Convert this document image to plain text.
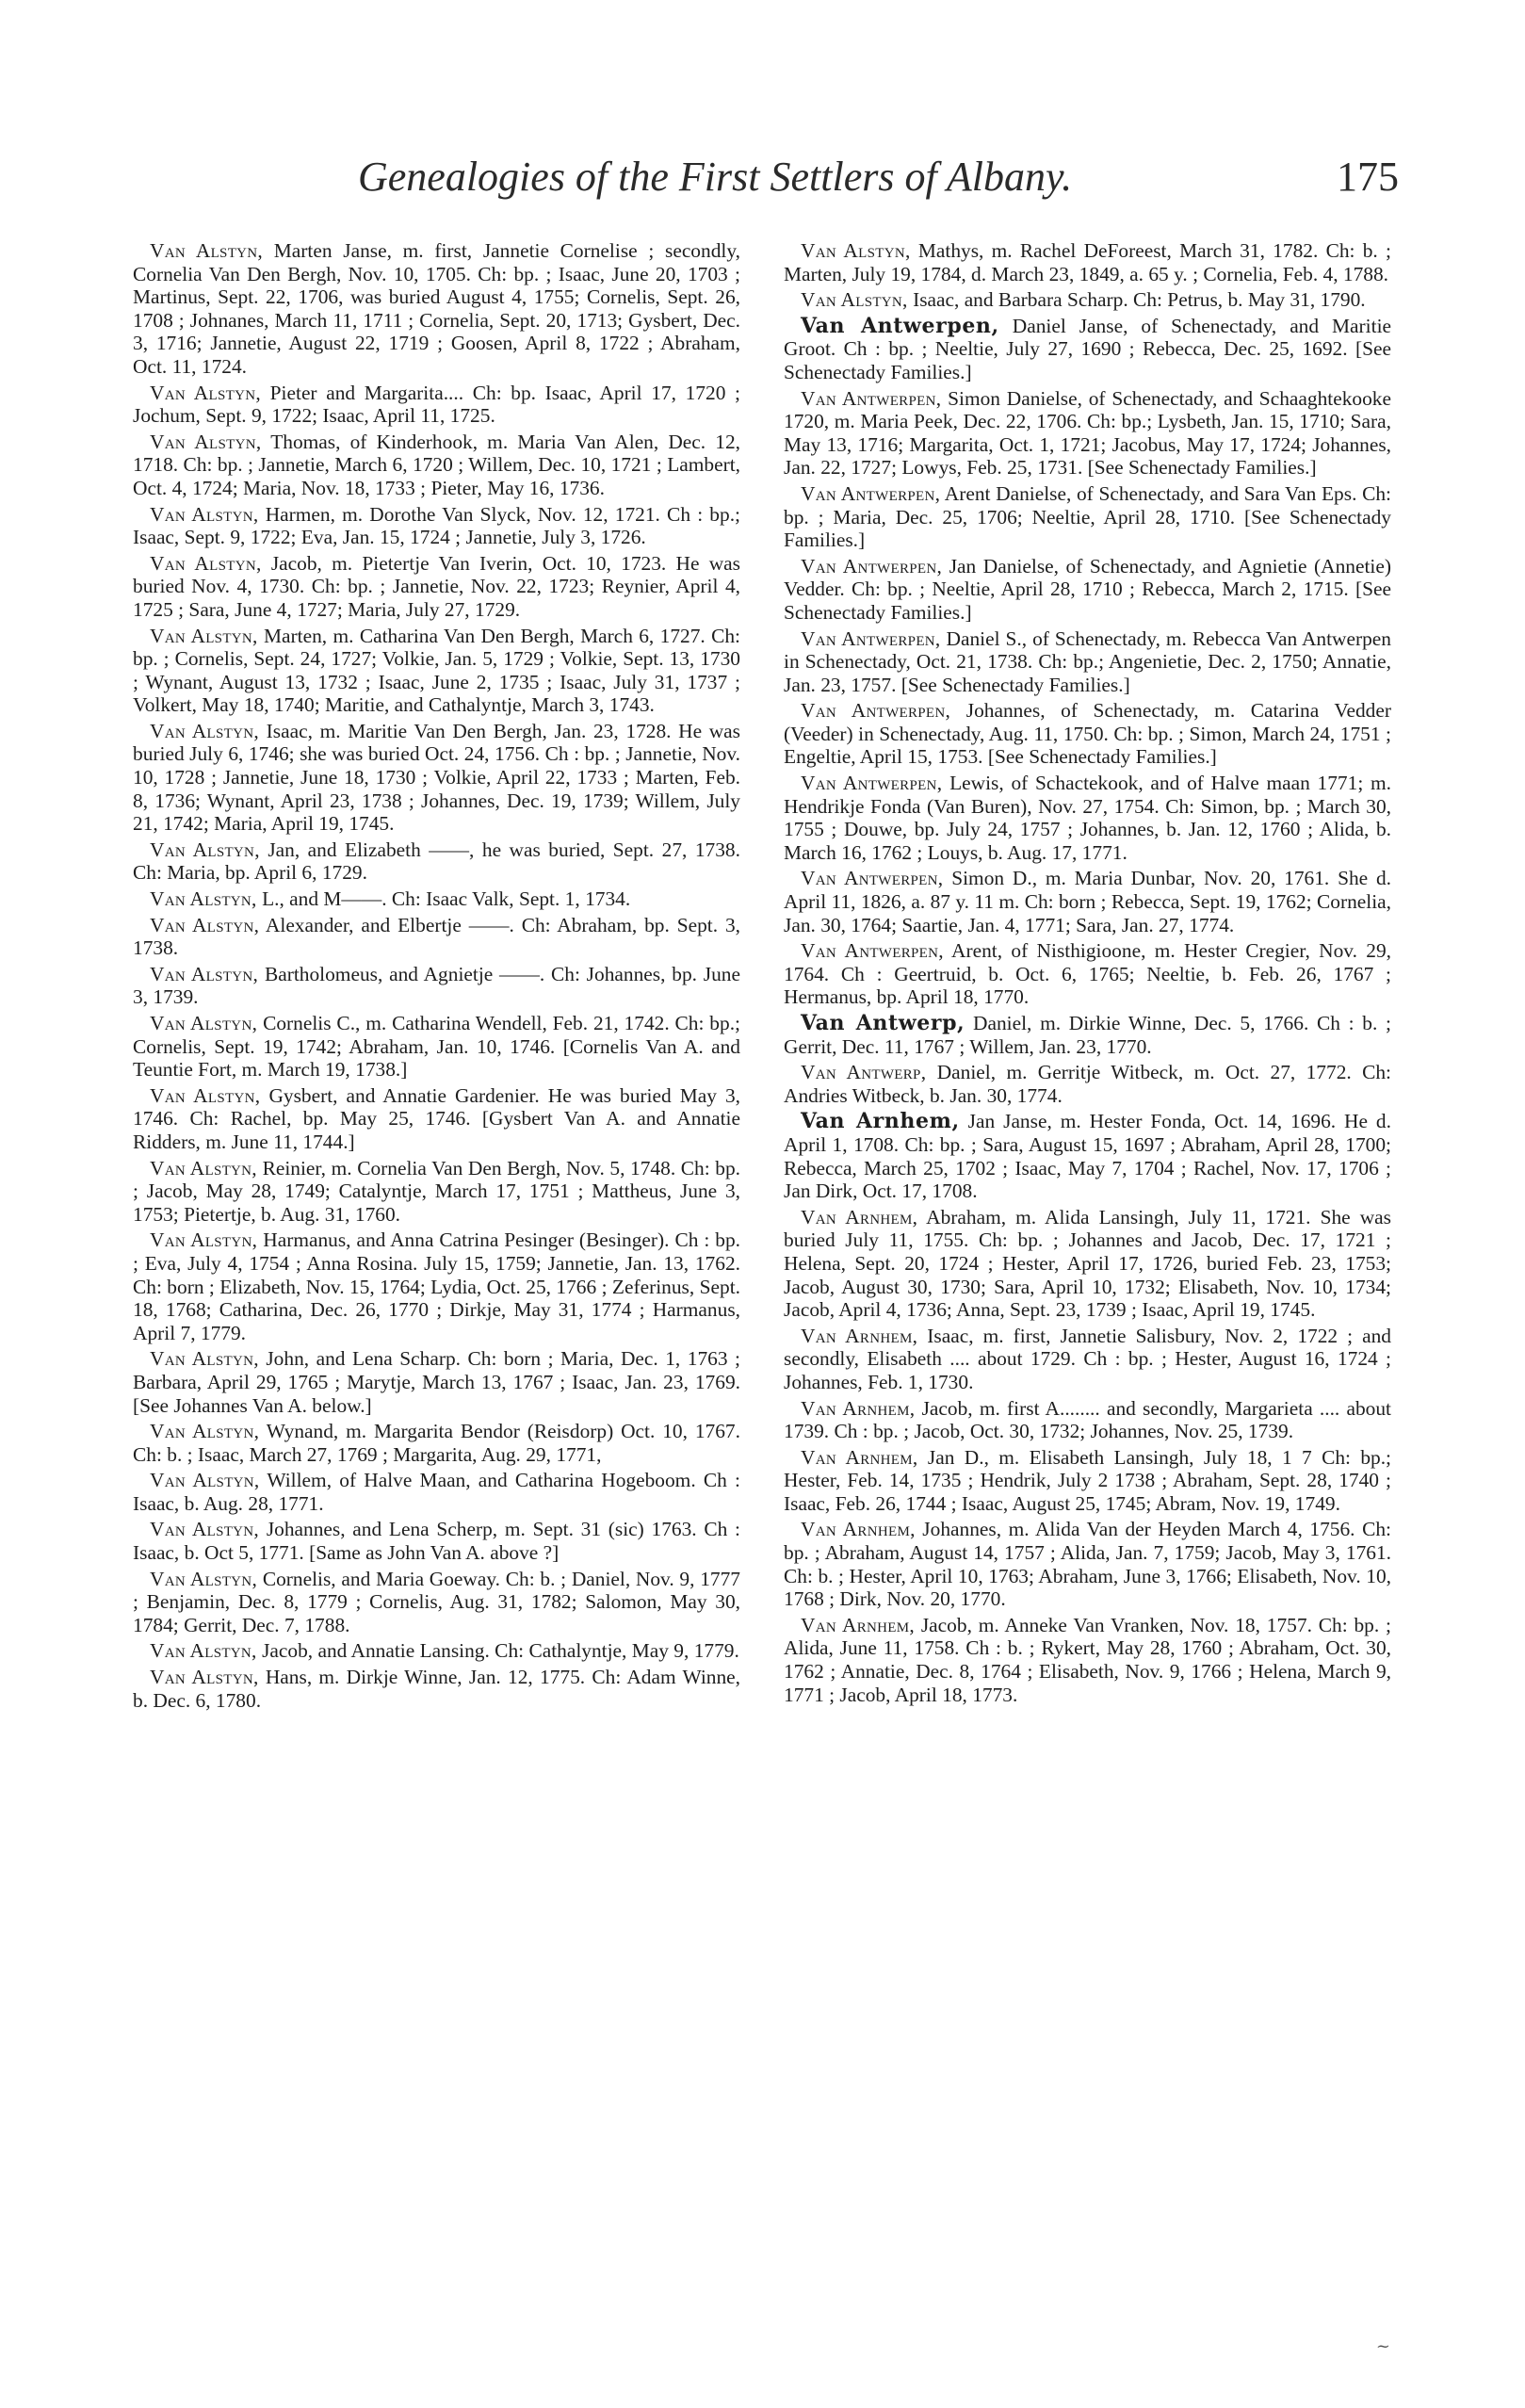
Genealogies of the First Settlers of Albany.	175

Van Alstyn, Marten Janse, m. first, Jannetie Cornelise ; secondly, Cornelia Van Den Bergh, Nov. 10, 1705. Ch: bp. ; Isaac, June 20, 1703 ; Martinus, Sept. 22, 1706, was buried August 4, 1755; Cornelis, Sept. 26, 1708 ; Johnanes, March 11, 1711 ; Cornelia, Sept. 20, 1713; Gysbert, Dec. 3, 1716; Jannetie, August 22, 1719 ; Goosen, April 8, 1722 ; Abraham, Oct. 11, 1724.

Van Alstyn, Pieter and Margarita.... Ch: bp. Isaac, April 17, 1720 ; Jochum, Sept. 9, 1722; Isaac, April 11, 1725.

Van Alstyn, Thomas, of Kinderhook, m. Maria Van Alen, Dec. 12, 1718. Ch: bp. ; Jannetie, March 6, 1720 ; Willem, Dec. 10, 1721 ; Lambert, Oct. 4, 1724; Maria, Nov. 18, 1733 ; Pieter, May 16, 1736.

Van Alstyn, Harmen, m. Dorothe Van Slyck, Nov. 12, 1721. Ch : bp.; Isaac, Sept. 9, 1722; Eva, Jan. 15, 1724 ; Jannetie, July 3, 1726.

Van Alstyn, Jacob, m. Pietertje Van Iverin, Oct. 10, 1723. He was buried Nov. 4, 1730. Ch: bp. ; Jannetie, Nov. 22, 1723; Reynier, April 4, 1725 ; Sara, June 4, 1727; Maria, July 27, 1729.

Van Alstyn, Marten, m. Catharina Van Den Bergh, March 6, 1727. Ch: bp. ; Cornelis, Sept. 24, 1727; Volkie, Jan. 5, 1729 ; Volkie, Sept. 13, 1730 ; Wynant, August 13, 1732 ; Isaac, June 2, 1735 ; Isaac, July 31, 1737 ; Volkert, May 18, 1740; Maritie, and Cathalyntje, March 3, 1743.

Van Alstyn, Isaac, m. Maritie Van Den Bergh, Jan. 23, 1728. He was buried July 6, 1746; she was buried Oct. 24, 1756. Ch : bp. ; Jannetie, Nov. 10, 1728 ; Jannetie, June 18, 1730 ; Volkie, April 22, 1733 ; Marten, Feb. 8, 1736; Wynant, April 23, 1738 ; Johannes, Dec. 19, 1739; Willem, July 21, 1742; Maria, April 19, 1745.

Van Alstyn, Jan, and Elizabeth ——, he was buried, Sept. 27, 1738. Ch: Maria, bp. April 6, 1729.

Van Alstyn, L., and M——. Ch: Isaac Valk, Sept. 1, 1734.

Van Alstyn, Alexander, and Elbertje ——. Ch: Abraham, bp. Sept. 3, 1738.

Van Alstyn, Bartholomeus, and Agnietje ——. Ch: Johannes, bp. June 3, 1739.

Van Alstyn, Cornelis C., m. Catharina Wendell, Feb. 21, 1742. Ch: bp.; Cornelis, Sept. 19, 1742; Abraham, Jan. 10, 1746. [Cornelis Van A. and Teuntie Fort, m. March 19, 1738.]

Van Alstyn, Gysbert, and Annatie Gardenier. He was buried May 3, 1746. Ch: Rachel, bp. May 25, 1746. [Gysbert Van A. and Annatie Ridders, m. June 11, 1744.]

Van Alstyn, Reinier, m. Cornelia Van Den Bergh, Nov. 5, 1748. Ch: bp. ; Jacob, May 28, 1749; Catalyntje, March 17, 1751 ; Mattheus, June 3, 1753; Pietertje, b. Aug. 31, 1760.

Van Alstyn, Harmanus, and Anna Catrina Pesinger (Besinger). Ch : bp. ; Eva, July 4, 1754 ; Anna Rosina. July 15, 1759; Jannetie, Jan. 13, 1762. Ch: born ; Elizabeth, Nov. 15, 1764; Lydia, Oct. 25, 1766 ; Zeferinus, Sept. 18, 1768; Catharina, Dec. 26, 1770 ; Dirkje, May 31, 1774 ; Harmanus, April 7, 1779.

Van Alstyn, John, and Lena Scharp. Ch: born ; Maria, Dec. 1, 1763 ; Barbara, April 29, 1765 ; Marytje, March 13, 1767 ; Isaac, Jan. 23, 1769. [See Johannes Van A. below.]

Van Alstyn, Wynand, m. Margarita Bendor (Reisdorp) Oct. 10, 1767. Ch: b. ; Isaac, March 27, 1769 ; Margarita, Aug. 29, 1771,

Van Alstyn, Willem, of Halve Maan, and Catharina Hogeboom. Ch : Isaac, b. Aug. 28, 1771.

Van Alstyn, Johannes, and Lena Scherp, m. Sept. 31 (sic) 1763. Ch : Isaac, b. Oct 5, 1771. [Same as John Van A. above ?]

Van Alstyn, Cornelis, and Maria Goeway. Ch: b. ; Daniel, Nov. 9, 1777 ; Benjamin, Dec. 8, 1779 ; Cornelis, Aug. 31, 1782; Salomon, May 30, 1784; Gerrit, Dec. 7, 1788.

Van Alstyn, Jacob, and Annatie Lansing. Ch: Cathalyntje, May 9, 1779.

Van Alstyn, Hans, m. Dirkje Winne, Jan. 12, 1775. Ch: Adam Winne, b. Dec. 6, 1780.

Van Alstyn, Mathys, m. Rachel DeForeest, March 31, 1782. Ch: b. ; Marten, July 19, 1784, d. March 23, 1849, a. 65 y. ; Cornelia, Feb. 4, 1788.

Van Alstyn, Isaac, and Barbara Scharp. Ch: Petrus, b. May 31, 1790.

Van Antwerpen, Daniel Janse, of Schenectady, and Maritie Groot. Ch : bp. ; Neeltie, July 27, 1690 ; Rebecca, Dec. 25, 1692. [See Schenectady Families.]

Van Antwerpen, Simon Danielse, of Schenectady, and Schaaghtekooke 1720, m. Maria Peek, Dec. 22, 1706. Ch: bp.; Lysbeth, Jan. 15, 1710; Sara, May 13, 1716; Margarita, Oct. 1, 1721; Jacobus, May 17, 1724; Johannes, Jan. 22, 1727; Lowys, Feb. 25, 1731. [See Schenectady Families.]

Van Antwerpen, Arent Danielse, of Schenectady, and Sara Van Eps. Ch: bp. ; Maria, Dec. 25, 1706; Neeltie, April 28, 1710. [See Schenectady Families.]

Van Antwerpen, Jan Danielse, of Schenectady, and Agnietie (Annetie) Vedder. Ch: bp. ; Neeltie, April 28, 1710 ; Rebecca, March 2, 1715. [See Schenectady Families.]

Van Antwerpen, Daniel S., of Schenectady, m. Rebecca Van Antwerpen in Schenectady, Oct. 21, 1738. Ch: bp.; Angenietie, Dec. 2, 1750; Annatie, Jan. 23, 1757. [See Schenectady Families.]

Van Antwerpen, Johannes, of Schenectady, m. Catarina Vedder (Veeder) in Schenectady, Aug. 11, 1750. Ch: bp. ; Simon, March 24, 1751 ; Engeltie, April 15, 1753. [See Schenectady Families.]

Van Antwerpen, Lewis, of Schactekook, and of Halve maan 1771; m. Hendrikje Fonda (Van Buren), Nov. 27, 1754. Ch: Simon, bp. ; March 30, 1755 ; Douwe, bp. July 24, 1757 ; Johannes, b. Jan. 12, 1760 ; Alida, b. March 16, 1762 ; Louys, b. Aug. 17, 1771.

Van Antwerpen, Simon D., m. Maria Dunbar, Nov. 20, 1761. She d. April 11, 1826, a. 87 y. 11 m. Ch: born ; Rebecca, Sept. 19, 1762; Cornelia, Jan. 30, 1764; Saartie, Jan. 4, 1771; Sara, Jan. 27, 1774.

Van Antwerpen, Arent, of Nisthigioone, m. Hester Cregier, Nov. 29, 1764. Ch : Geertruid, b. Oct. 6, 1765; Neeltie, b. Feb. 26, 1767 ; Hermanus, bp. April 18, 1770.

Van Antwerp, Daniel, m. Dirkie Winne, Dec. 5, 1766. Ch : b. ; Gerrit, Dec. 11, 1767 ; Willem, Jan. 23, 1770.

Van Antwerp, Daniel, m. Gerritje Witbeck, m. Oct. 27, 1772. Ch: Andries Witbeck, b. Jan. 30, 1774.

Van Arnhem, Jan Janse, m. Hester Fonda, Oct. 14, 1696. He d. April 1, 1708. Ch: bp. ; Sara, August 15, 1697 ; Abraham, April 28, 1700; Rebecca, March 25, 1702 ; Isaac, May 7, 1704 ; Rachel, Nov. 17, 1706 ; Jan Dirk, Oct. 17, 1708.

Van Arnhem, Abraham, m. Alida Lansingh, July 11, 1721. She was buried July 11, 1755. Ch: bp. ; Johannes and Jacob, Dec. 17, 1721 ; Helena, Sept. 20, 1724 ; Hester, April 17, 1726, buried Feb. 23, 1753; Jacob, August 30, 1730; Sara, April 10, 1732; Elisabeth, Nov. 10, 1734; Jacob, April 4, 1736; Anna, Sept. 23, 1739 ; Isaac, April 19, 1745.

Van Arnhem, Isaac, m. first, Jannetie Salisbury, Nov. 2, 1722 ; and secondly, Elisabeth .... about 1729. Ch : bp. ; Hester, August 16, 1724 ; Johannes, Feb. 1, 1730.

Van Arnhem, Jacob, m. first A........ and secondly, Margarieta .... about 1739. Ch : bp. ; Jacob, Oct. 30, 1732; Johannes, Nov. 25, 1739.

Van Arnhem, Jan D., m. Elisabeth Lansingh, July 18, 1 7 Ch: bp.; Hester, Feb. 14, 1735 ; Hendrik, July 2 1738 ; Abraham, Sept. 28, 1740 ; Isaac, Feb. 26, 1744 ; Isaac, August 25, 1745; Abram, Nov. 19, 1749.

Van Arnhem, Johannes, m. Alida Van der Heyden March 4, 1756. Ch: bp. ; Abraham, August 14, 1757 ; Alida, Jan. 7, 1759; Jacob, May 3, 1761. Ch: b. ; Hester, April 10, 1763; Abraham, June 3, 1766; Elisabeth, Nov. 10, 1768 ; Dirk, Nov. 20, 1770.

Van Arnhem, Jacob, m. Anneke Van Vranken, Nov. 18, 1757. Ch: bp. ; Alida, June 11, 1758. Ch : b. ; Rykert, May 28, 1760 ; Abraham, Oct. 30, 1762 ; Annatie, Dec. 8, 1764 ; Elisabeth, Nov. 9, 1766 ; Helena, March 9, 1771 ; Jacob, April 18, 1773.

~
